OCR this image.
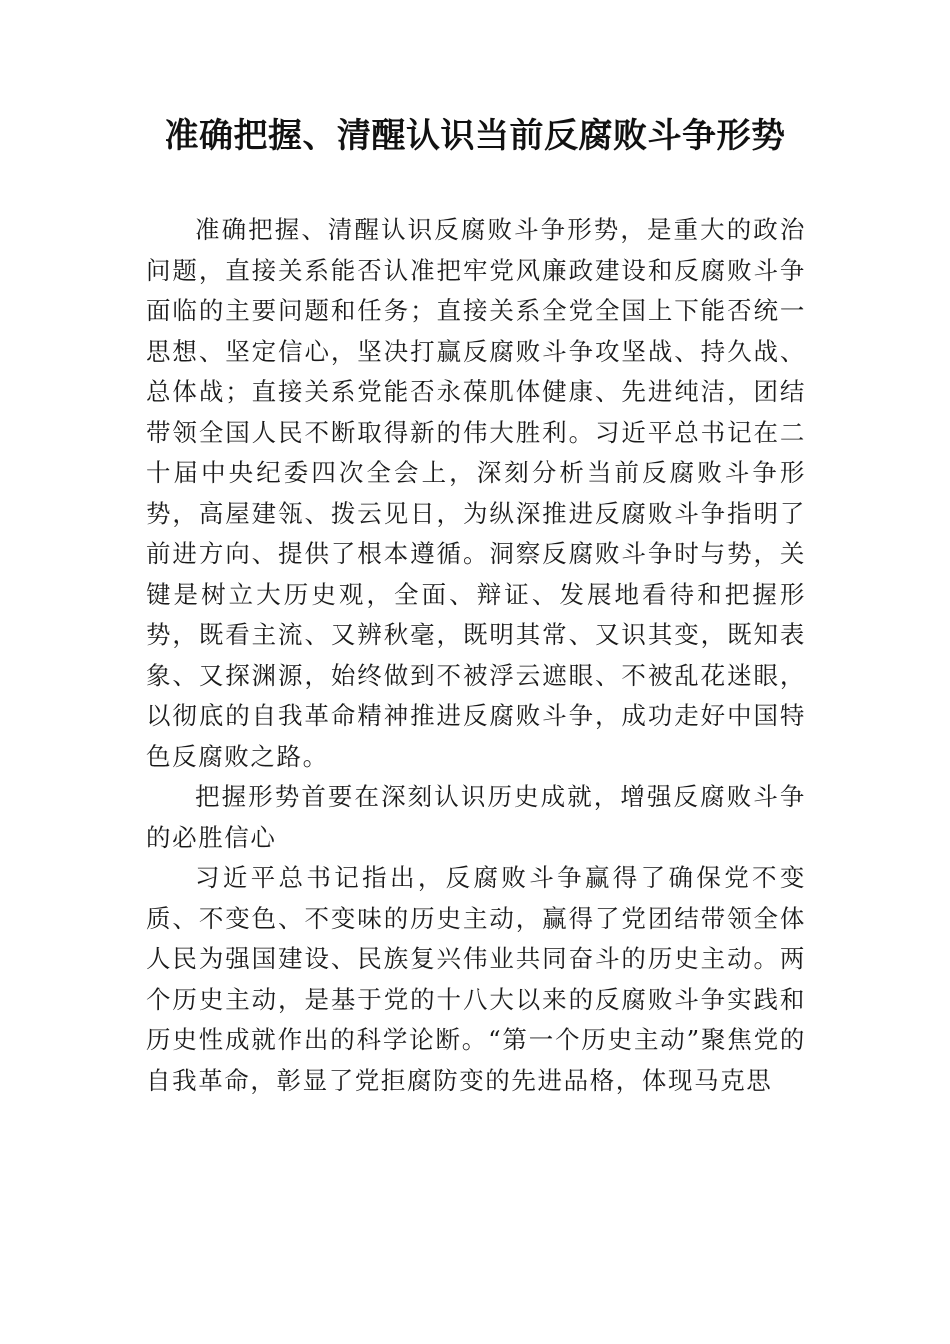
准确把握、清醒认识当前反腐败斗争形势

准确把握、清醒认识反腐败斗争形势，是重大的政治问题，直接关系能否认准把牢党风廉政建设和反腐败斗争面临的主要问题和任务；直接关系全党全国上下能否统一思想、坚定信心，坚决打赢反腐败斗争攻坚战、持久战、总体战；直接关系党能否永葆肌体健康、先进纯洁，团结带领全国人民不断取得新的伟大胜利。习近平总书记在二十届中央纪委四次全会上，深刻分析当前反腐败斗争形势，高屋建瓴、拨云见日，为纵深推进反腐败斗争指明了前进方向、提供了根本遵循。洞察反腐败斗争时与势，关键是树立大历史观，全面、辩证、发展地看待和把握形势，既看主流、又辨秋毫，既明其常、又识其变，既知表象、又探渊源，始终做到不被浮云遮眼、不被乱花迷眼，以彻底的自我革命精神推进反腐败斗争，成功走好中国特色反腐败之路。

把握形势首要在深刻认识历史成就，增强反腐败斗争的必胜信心

习近平总书记指出，反腐败斗争赢得了确保党不变质、不变色、不变味的历史主动，赢得了党团结带领全体人民为强国建设、民族复兴伟业共同奋斗的历史主动。两个历史主动，是基于党的十八大以来的反腐败斗争实践和历史性成就作出的科学论断。“第一个历史主动”聚焦党的自我革命，彰显了党拒腐防变的先进品格，体现马克思
